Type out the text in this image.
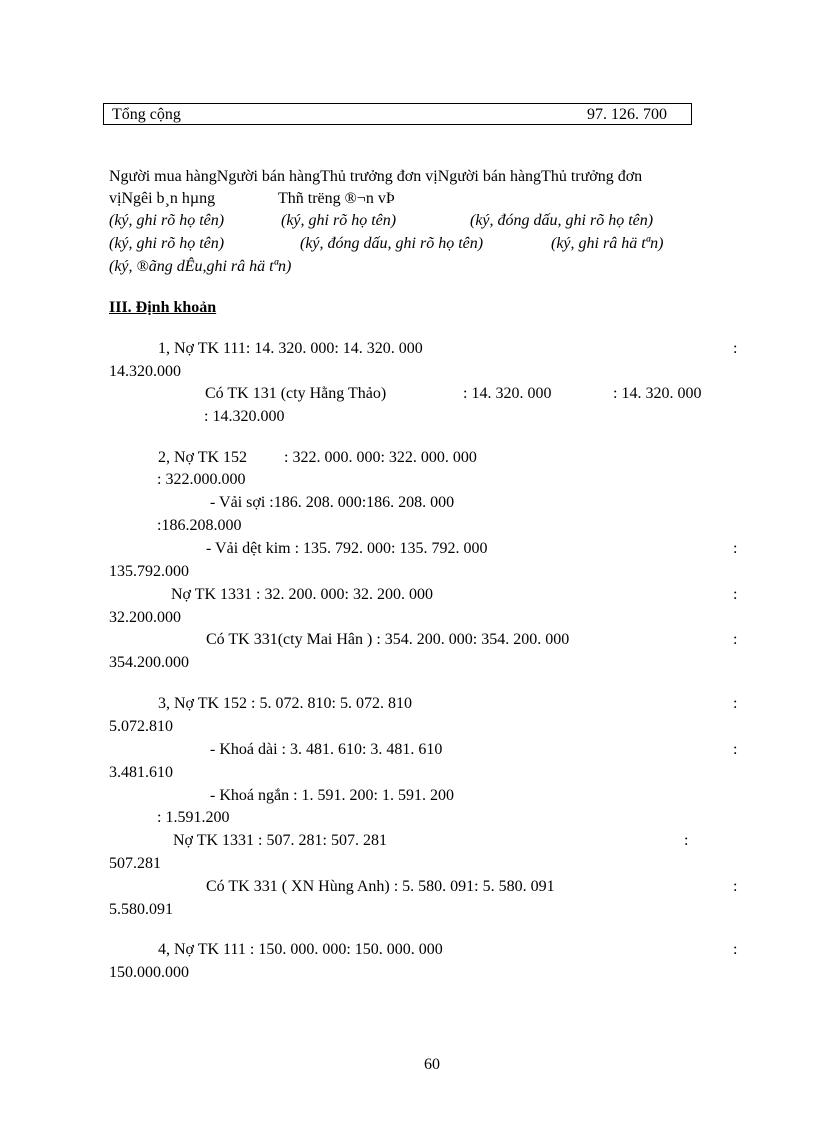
Tổng cộng	97. 126. 700
Người mua hàngNgười bán hàngThủ trưởng đơn vịNgười bán hàngThủ trưởng đơn
vịNgêi b¸n hµng	Thñ trëng ®¬n vÞ
(ký, ghi rõ họ tên)	(ký, ghi rõ họ tên)	(ký, đóng dấu, ghi rõ họ tên)
(ký, ghi rõ họ tên)	(ký, đóng dấu, ghi rõ họ tên)	(ký, ghi râ hä tªn)
(ký, ®ãng dÊu,ghi râ hä tªn)
III. Định khoản
1, Nợ TK 111: 14. 320. 000: 14. 320. 000	:
14.320.000
Có TK 131 (cty Hằng Thảo)	: 14. 320. 000	: 14. 320. 000
: 14.320.000
2, Nợ TK 152 : 322. 000. 000: 322. 000. 000
: 322.000.000
- Vải sợi :186. 208. 000:186. 208. 000
:186.208.000
- Vải dệt kim : 135. 792. 000: 135. 792. 000	:
135.792.000
Nợ TK 1331 : 32. 200. 000: 32. 200. 000	:
32.200.000
Có TK 331(cty Mai Hân ) : 354. 200. 000: 354. 200. 000	:
354.200.000
3, Nợ TK 152 : 5. 072. 810: 5. 072. 810	:
5.072.810
- Khoá dài : 3. 481. 610: 3. 481. 610	:
3.481.610
- Khoá ngắn : 1. 591. 200: 1. 591. 200
: 1.591.200
Nợ TK 1331 : 507. 281: 507. 281	:
507.281
Có TK 331 ( XN Hùng Anh) : 5. 580. 091: 5. 580. 091	:
5.580.091
4, Nợ TK 111 : 150. 000. 000: 150. 000. 000	:
150.000.000
60
